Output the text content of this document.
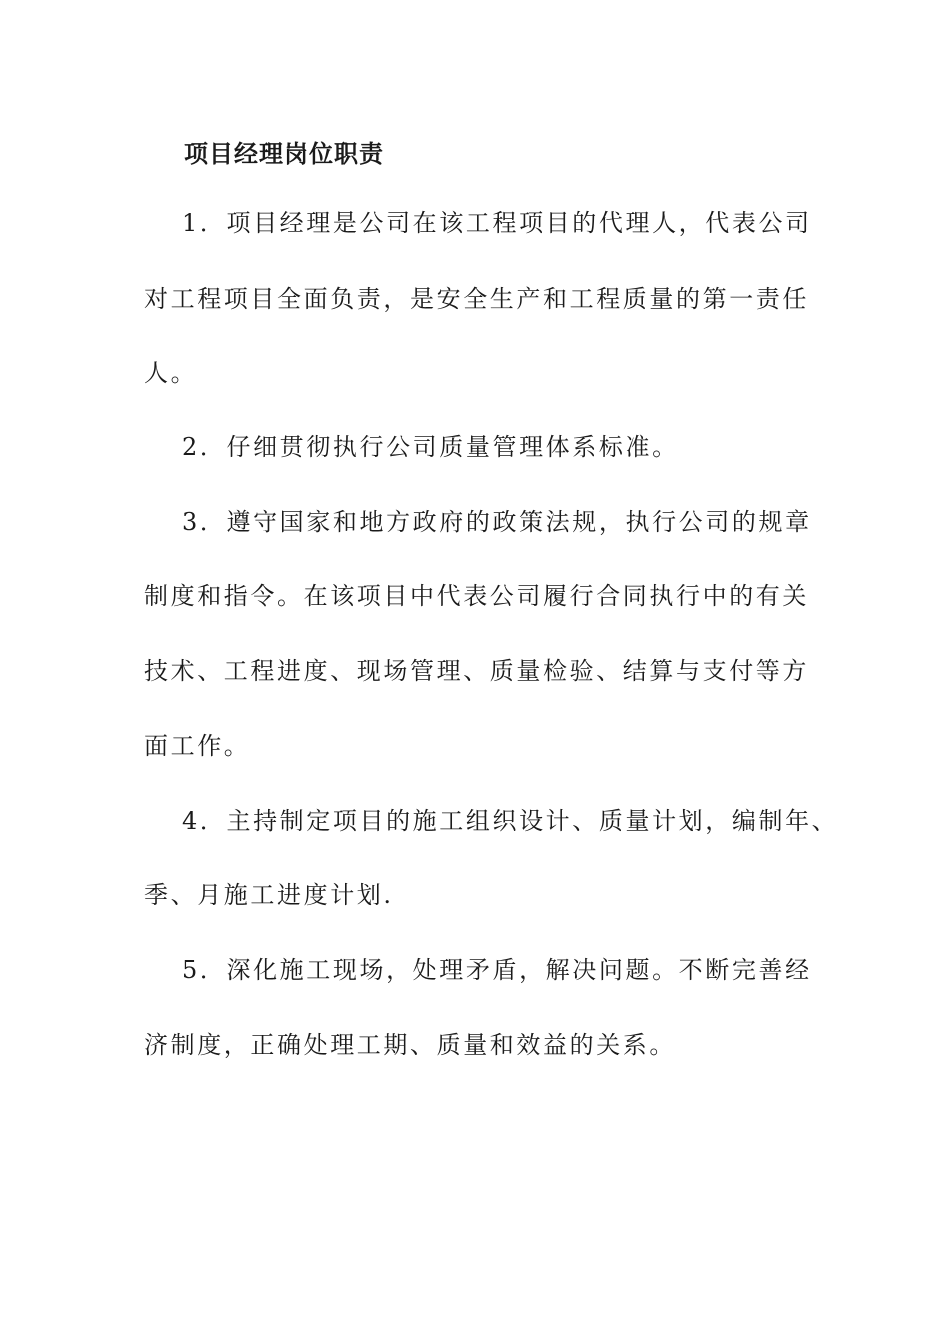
项目经理岗位职责

1．项目经理是公司在该工程项目的代理人，代表公司

对工程项目全面负责，是安全生产和工程质量的第一责任

人。

2．仔细贯彻执行公司质量管理体系标准。

3．遵守国家和地方政府的政策法规，执行公司的规章

制度和指令。在该项目中代表公司履行合同执行中的有关

技术、工程进度、现场管理、质量检验、结算与支付等方

面工作。

4．主持制定项目的施工组织设计、质量计划，编制年、

季、月施工进度计划.

5．深化施工现场，处理矛盾，解决问题。不断完善经

济制度，正确处理工期、质量和效益的关系。
